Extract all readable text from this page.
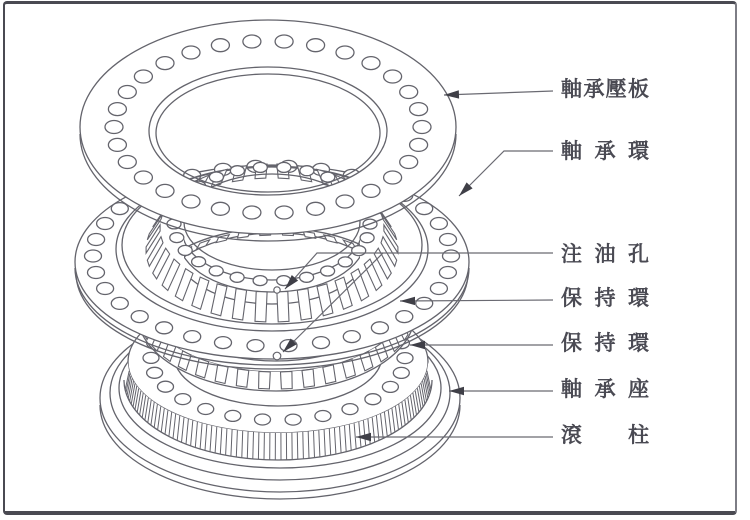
軸 承 壓 板
軸 承 環
注 油 孔
保 持 環
保 持 環
軸 承 座
滾 柱
